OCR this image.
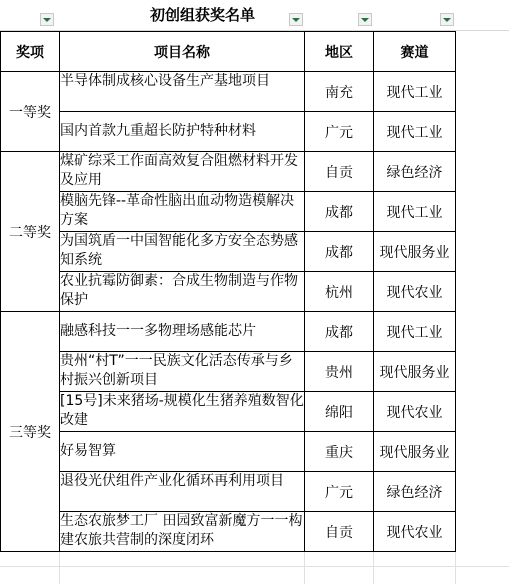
初创组获奖名单
奖项	项目名称	地区	赛道
一等奖	半导体制成核心设备生产基地项目	南充	现代工业
	国内首款九重超长防护特种材料	广元	现代工业
二等奖	煤矿综采工作面高效复合阻燃材料开发及应用	自贡	绿色经济
	模脑先锋--革命性脑出血动物造模解决方案	成都	现代工业
	为国筑盾一中国智能化多方安全态势感知系统	成都	现代服务业
	农业抗霉防御素：合成生物制造与作物保护	杭州	现代农业
三等奖	融感科技一一多物理场感能芯片	成都	现代工业
	贵州“村T”一一民族文化活态传承与乡村振兴创新项目	贵州	现代服务业
	[15号]未来猪场-规模化生猪养殖数智化改建	绵阳	现代农业
	好易智算	重庆	现代服务业
	退役光伏组件产业化循环再利用项目	广元	绿色经济

	生态农旅梦工厂 田园致富新魔方一一构建农旅共营制的深度闭环	自贡	现代农业
